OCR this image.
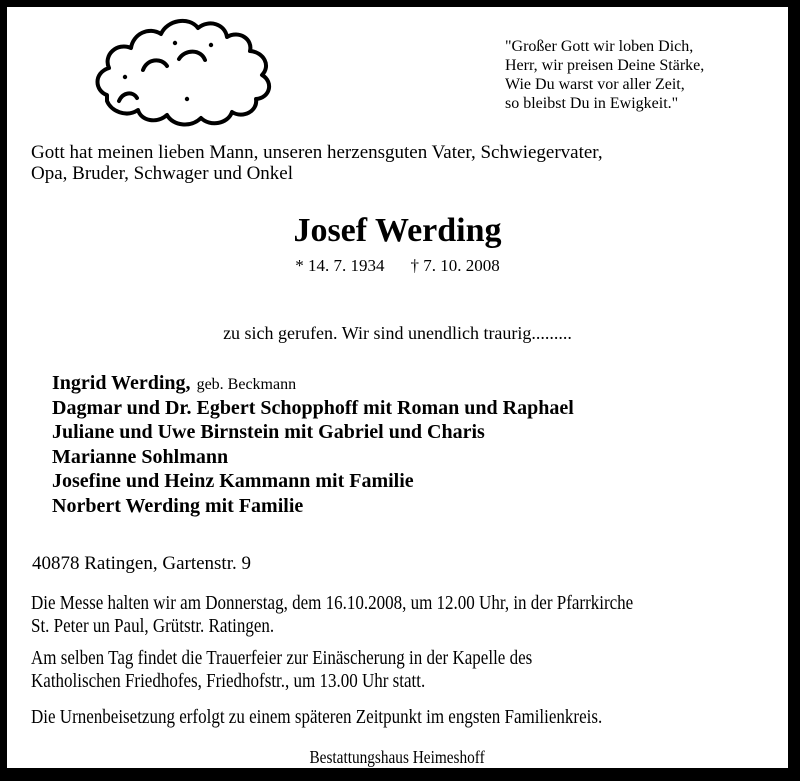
"Großer Gott wir loben Dich,
Herr, wir preisen Deine Stärke,
Wie Du warst vor aller Zeit,
so bleibst Du in Ewigkeit."
Gott hat meinen lieben Mann, unseren herzensguten Vater, Schwiegervater,
Opa, Bruder, Schwager und Onkel
Josef Werding
* 14. 7. 1934 † 7. 10. 2008
zu sich gerufen. Wir sind unendlich traurig.........
Ingrid Werding, geb. Beckmann
Dagmar und Dr. Egbert Schopphoff mit Roman und Raphael
Juliane und Uwe Birnstein mit Gabriel und Charis
Marianne Sohlmann
Josefine und Heinz Kammann mit Familie
Norbert Werding mit Familie
40878 Ratingen, Gartenstr. 9
Die Messe halten wir am Donnerstag, dem 16.10.2008, um 12.00 Uhr, in der Pfarrkirche
St. Peter un Paul, Grütstr. Ratingen.
Am selben Tag findet die Trauerfeier zur Einäscherung in der Kapelle des
Katholischen Friedhofes, Friedhofstr., um 13.00 Uhr statt.
Die Urnenbeisetzung erfolgt zu einem späteren Zeitpunkt im engsten Familienkreis.
Bestattungshaus Heimeshoff
